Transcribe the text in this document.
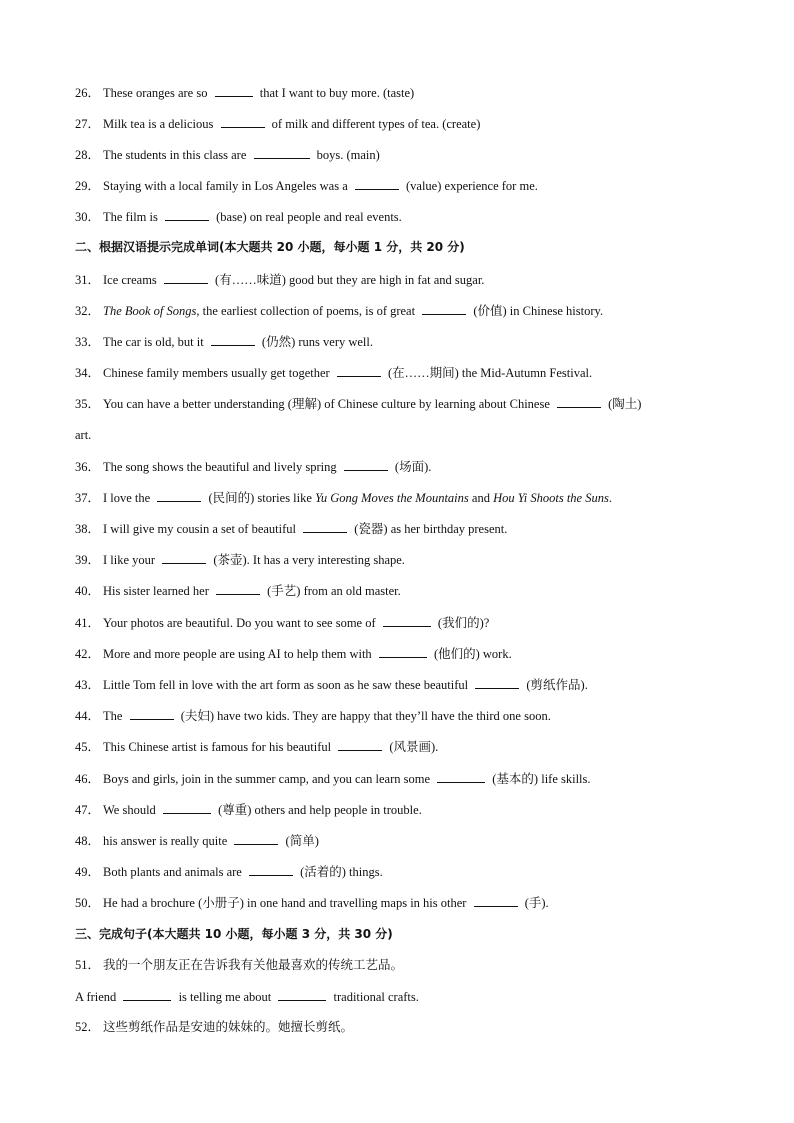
26． These oranges are so	that I want to buy more. (taste)
27． Milk tea is a delicious	of milk and different types of tea. (create)
28． The students in this class are	boys. (main)
29． Staying with a local family in Los Angeles was a	(value) experience for me.
30． The film is	(base) on real people and real events.
二、根据汉语提示完成单词(本大题共 20 小题，每小题 1 分，共 20 分)
31． Ice creams	(有……味道) good but they are high in fat and sugar.
32． The Book of Songs, the earliest collection of poems, is of great	(价值) in Chinese history.
33． The car is old, but it	(仍然) runs very well.
34． Chinese family members usually get together	(在……期间) the Mid-Autumn Festival.
35． You can have a better understanding (理解) of Chinese culture by learning about Chinese	(陶土)
art.
36． The song shows the beautiful and lively spring	(场面).
37． I love the	(民间的) stories like Yu Gong Moves the Mountains and Hou Yi Shoots the Suns.
38． I will give my cousin a set of beautiful	(瓷器) as her birthday present.
39． I like your	(茶壶). It has a very interesting shape.
40． His sister learned her	(手艺) from an old master.
41． Your photos are beautiful. Do you want to see some of	(我们的)?
42． More and more people are using AI to help them with	(他们的) work.
43． Little Tom fell in love with the art form as soon as he saw these beautiful	(剪纸作品).
44． The	(夫妇) have two kids. They are happy that they’ll have the third one soon.
45． This Chinese artist is famous for his beautiful	(风景画).
46． Boys and girls, join in the summer camp, and you can learn some	(基本的) life skills.
47． We should	(尊重) others and help people in trouble.
48． his answer is really quite	(简单)
49． Both plants and animals are	(活着的) things.
50． He had a brochure (小册子) in one hand and travelling maps in his other	(手).
三、完成句子(本大题共 10 小题，每小题 3 分，共 30 分)
51． 我的一个朋友正在告诉我有关他最喜欢的传统工艺品。
A friend	is telling me about	traditional crafts.
52． 这些剪纸作品是安迪的妹妹的。她擅长剪纸。
